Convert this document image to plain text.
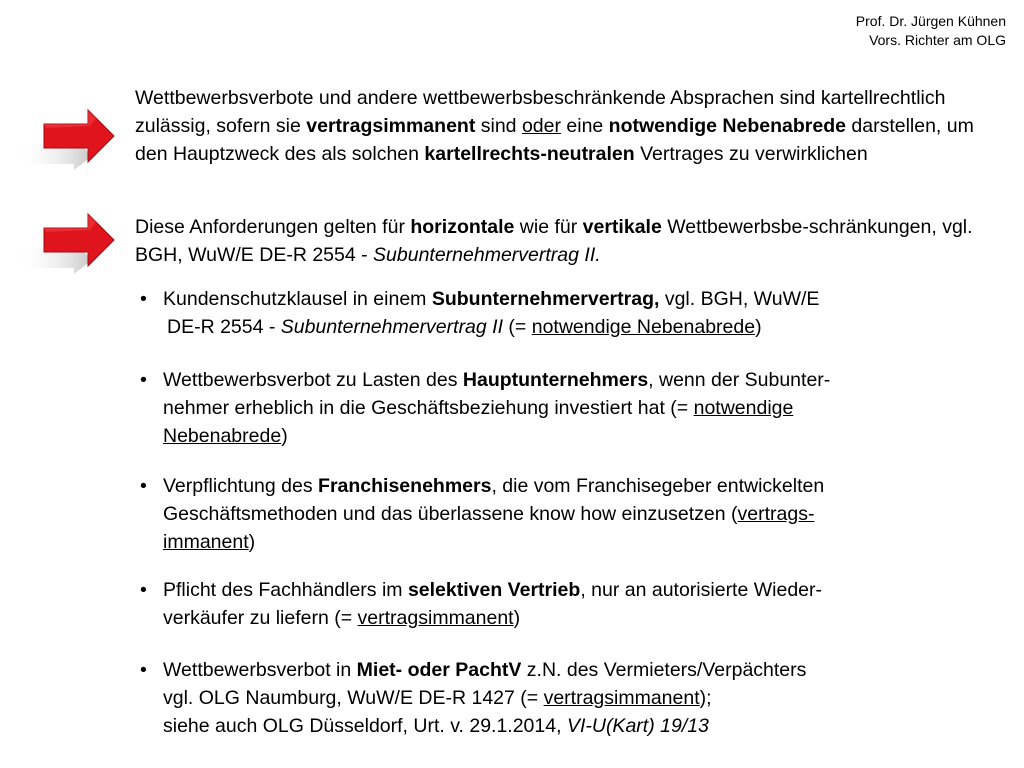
Prof. Dr. Jürgen Kühnen
Vors. Richter am OLG
Wettbewerbsverbote und andere wettbewerbsbeschränkende Absprachen sind kartellrechtlich zulässig, sofern sie vertragsimmanent sind oder eine notwendige Nebenabrede darstellen, um den Hauptzweck des als solchen kartellrechts-neutralen Vertrages zu verwirklichen
Diese Anforderungen gelten für horizontale wie für vertikale Wettbewerbsbe-schränkungen, vgl. BGH, WuW/E DE-R 2554 - Subunternehmervertrag II.
• Kundenschutzklausel in einem Subunternehmervertrag, vgl. BGH, WuW/E
DE-R 2554 - Subunternehmervertrag II (= notwendige Nebenabrede)
• Wettbewerbsverbot zu Lasten des Hauptunternehmers, wenn der Subunter-
nehmer erheblich in die Geschäftsbeziehung investiert hat (= notwendige
Nebenabrede)
• Verpflichtung des Franchisenehmers, die vom Franchisegeber entwickelten
Geschäftsmethoden und das überlassene know how einzusetzen (vertrags-
immanent)
• Pflicht des Fachhändlers im selektiven Vertrieb, nur an autorisierte Wieder-
verkäufer zu liefern (= vertragsimmanent)
• Wettbewerbsverbot in Miet- oder PachtV z.N. des Vermieters/Verpächters
vgl. OLG Naumburg, WuW/E DE-R 1427 (= vertragsimmanent);
siehe auch OLG Düsseldorf, Urt. v. 29.1.2014, VI-U(Kart) 19/13
